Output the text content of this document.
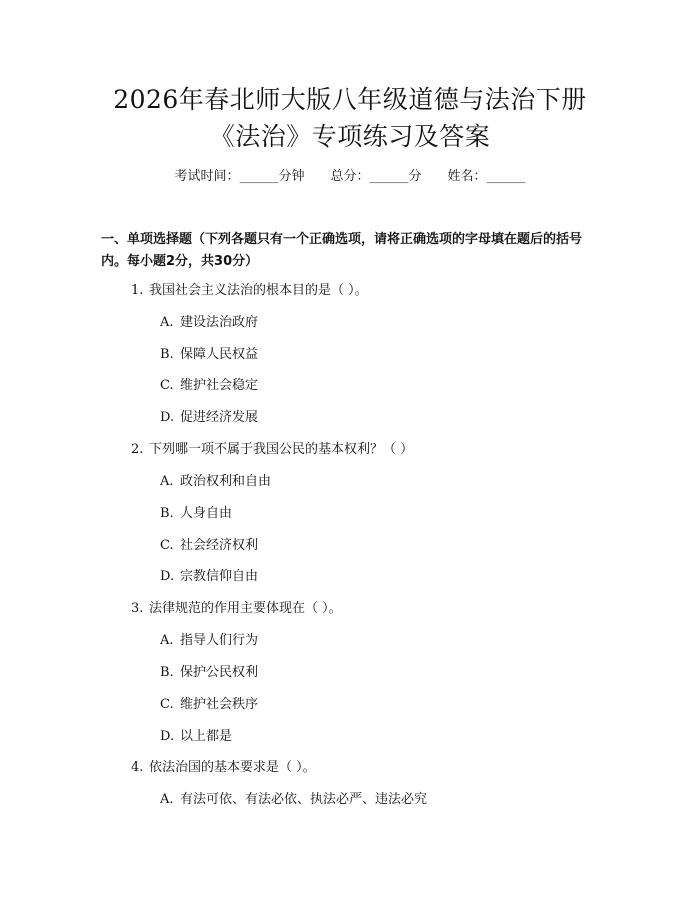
2026年春北师大版八年级道德与法治下册
《法治》专项练习及答案
考试时间：______分钟 总分：______分 姓名：______
一、单项选择题（下列各题只有一个正确选项，请将正确选项的字母填在题后的括号内。每小题2分，共30分）
1. 我国社会主义法治的根本目的是（ ）。
A. 建设法治政府
B. 保障人民权益
C. 维护社会稳定
D. 促进经济发展
2. 下列哪一项不属于我国公民的基本权利？（ ）
A. 政治权利和自由
B. 人身自由
C. 社会经济权利
D. 宗教信仰自由
3. 法律规范的作用主要体现在（ ）。
A. 指导人们行为
B. 保护公民权利
C. 维护社会秩序
D. 以上都是
4. 依法治国的基本要求是（ ）。
A. 有法可依、有法必依、执法必严、违法必究
